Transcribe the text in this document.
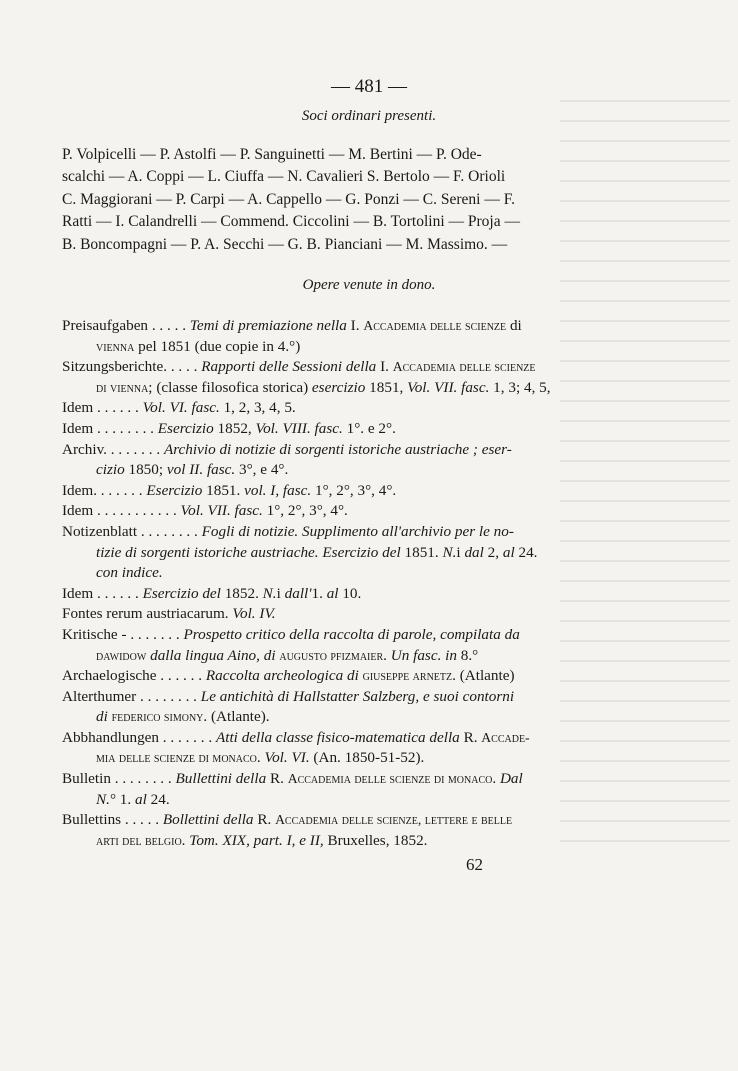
— 481 —
Soci ordinari presenti.
P. Volpicelli — P. Astolfi — P. Sanguinetti — M. Bertini — P. Ode-
scalchi — A. Coppi — L. Ciuffa — N. Cavalieri S. Bertolo — F. Orioli
C. Maggiorani — P. Carpi — A. Cappello — G. Ponzi — C. Sereni — F.
Ratti — I. Calandrelli — Commend. Ciccolini — B. Tortolini — Proja —
B. Boncompagni — P. A. Secchi — G. B. Pianciani — M. Massimo. —
Opere venute in dono.
Preisaufgaben . . . . . Temi di premiazione nella I. Accademia delle scienze di
vienna pel 1851 (due copie in 4.°)
Sitzungsberichte. . . . . Rapporti delle Sessioni della I. Accademia delle scienze
di vienna; (classe filosofica storica) esercizio 1851, Vol. VII. fasc. 1, 3; 4, 5,
Idem . . . . . . Vol. VI. fasc. 1, 2, 3, 4, 5.
Idem . . . . . . . . Esercizio 1852, Vol. VIII. fasc. 1°. e 2°.
Archiv. . . . . . . . Archivio di notizie di sorgenti istoriche austriache ; eser-
cizio 1850; vol II. fasc. 3°, e 4°.
Idem. . . . . . . Esercizio 1851. vol. I, fasc. 1°, 2°, 3°, 4°.
Idem . . . . . . . . . . . Vol. VII. fasc. 1°, 2°, 3°, 4°.
Notizenblatt . . . . . . . . Fogli di notizie. Supplimento all'archivio per le no-
tizie di sorgenti istoriche austriache. Esercizio del 1851. N.i dal 2, al 24.
con indice.
Idem . . . . . . Esercizio del 1852. N.i dall'1. al 10.
Fontes rerum austriacarum. Vol. IV.
Kritische - . . . . . . . Prospetto critico della raccolta di parole, compilata da
dawidow dalla lingua Aino, di augusto pfizmaier. Un fasc. in 8.°
Archaelogische . . . . . . Raccolta archeologica di giuseppe arnetz. (Atlante)
Alterthumer . . . . . . . . Le antichità di Hallstatter Salzberg, e suoi contorni
di federico simony. (Atlante).
Abbhandlungen . . . . . . . Atti della classe fisico-matematica della R. Accade-
mia delle scienze di monaco. Vol. VI. (An. 1850-51-52).
Bulletin . . . . . . . . Bullettini della R. Accademia delle scienze di monaco. Dal
N.° 1. al 24.
Bullettins . . . . . Bollettini della R. Accademia delle scienze, lettere e belle
arti del belgio. Tom. XIX, part. I, e II, Bruxelles, 1852.
62
